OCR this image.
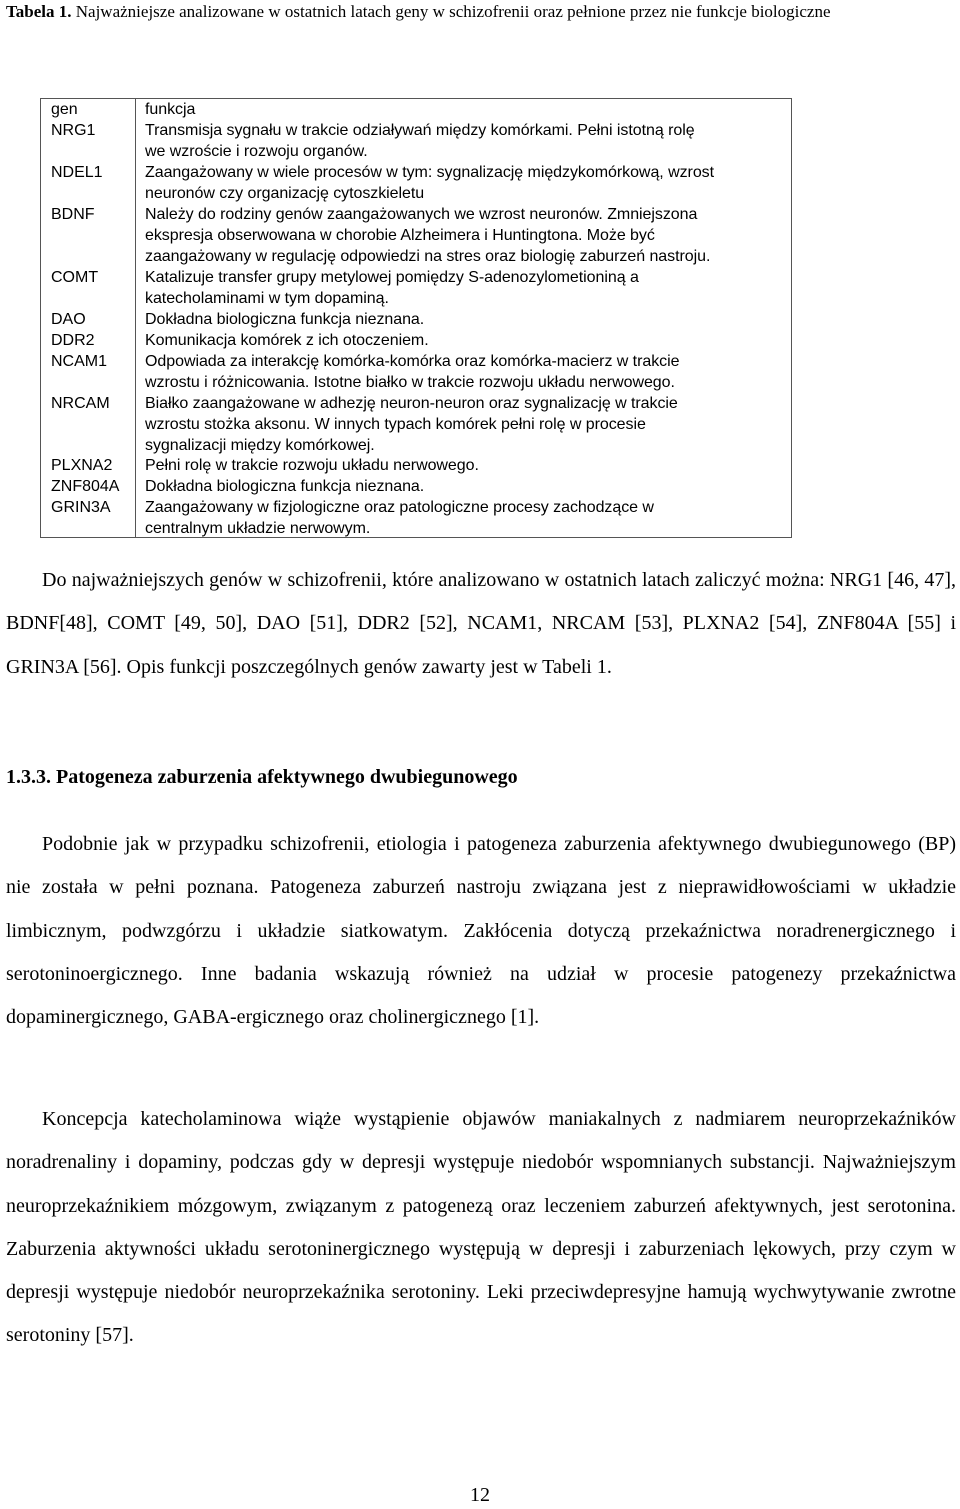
Tabela 1. Najważniejsze analizowane w ostatnich latach geny w schizofrenii oraz pełnione przez nie funkcje biologiczne
gen	funkcja
NRG1	Transmisja sygnału w trakcie odziaływań między komórkami. Pełni istotną rolę
we wzroście i rozwoju organów.
NDEL1	Zaangażowany w wiele procesów w tym: sygnalizację międzykomórkową, wzrost
neuronów czy organizację cytoszkieletu
BDNF	Należy do rodziny genów zaangażowanych we wzrost neuronów. Zmniejszona
ekspresja obserwowana w chorobie Alzheimera i Huntingtona. Może być
zaangażowany w regulację odpowiedzi na stres oraz biologię zaburzeń nastroju.
COMT	Katalizuje transfer grupy metylowej pomiędzy S-adenozylometioniną a
katecholaminami w tym dopaminą.
DAO	Dokładna biologiczna funkcja nieznana.
DDR2	Komunikacja komórek z ich otoczeniem.
NCAM1 Odpowiada za interakcję komórka-komórka oraz komórka-macierz w trakcie
wzrostu i różnicowania. Istotne białko w trakcie rozwoju układu nerwowego.
NRCAM Białko zaangażowane w adhezję neuron-neuron oraz sygnalizację w trakcie
wzrostu stożka aksonu. W innych typach komórek pełni rolę w procesie
sygnalizacji między komórkowej.
PLXNA2 Pełni rolę w trakcie rozwoju układu nerwowego.
ZNF804A Dokładna biologiczna funkcja nieznana.
GRIN3A Zaangażowany w fizjologiczne oraz patologiczne procesy zachodzące w
centralnym układzie nerwowym.

Do najważniejszych genów w schizofrenii, które analizowano w ostatnich latach zaliczyć można: NRG1 [46, 47], BDNF[48], COMT [49, 50], DAO [51], DDR2 [52], NCAM1, NRCAM [53], PLXNA2 [54], ZNF804A [55] i GRIN3A [56]. Opis funkcji poszczególnych genów zawarty jest w Tabeli 1.

1.3.3. Patogeneza zaburzenia afektywnego dwubiegunowego

Podobnie jak w przypadku schizofrenii, etiologia i patogeneza zaburzenia afektywnego dwubiegunowego (BP) nie została w pełni poznana. Patogeneza zaburzeń nastroju związana jest z nieprawidłowościami w układzie limbicznym, podwzgórzu i układzie siatkowatym. Zakłócenia dotyczą przekaźnictwa noradrenergicznego i serotoninoergicznego. Inne badania wskazują również na udział w procesie patogenezy przekaźnictwa dopaminergicznego, GABA-ergicznego oraz cholinergicznego [1].

Koncepcja katecholaminowa wiąże wystąpienie objawów maniakalnych z nadmiarem neuroprzekaźników noradrenaliny i dopaminy, podczas gdy w depresji występuje niedobór wspomnianych substancji. Najważniejszym neuroprzekaźnikiem mózgowym, związanym z patogenezą oraz leczeniem zaburzeń afektywnych, jest serotonina. Zaburzenia aktywności układu serotoninergicznego występują w depresji i zaburzeniach lękowych, przy czym w depresji występuje niedobór neuroprzekaźnika serotoniny. Leki przeciwdepresyjne hamują wychwytywanie zwrotne serotoniny [57].

12
